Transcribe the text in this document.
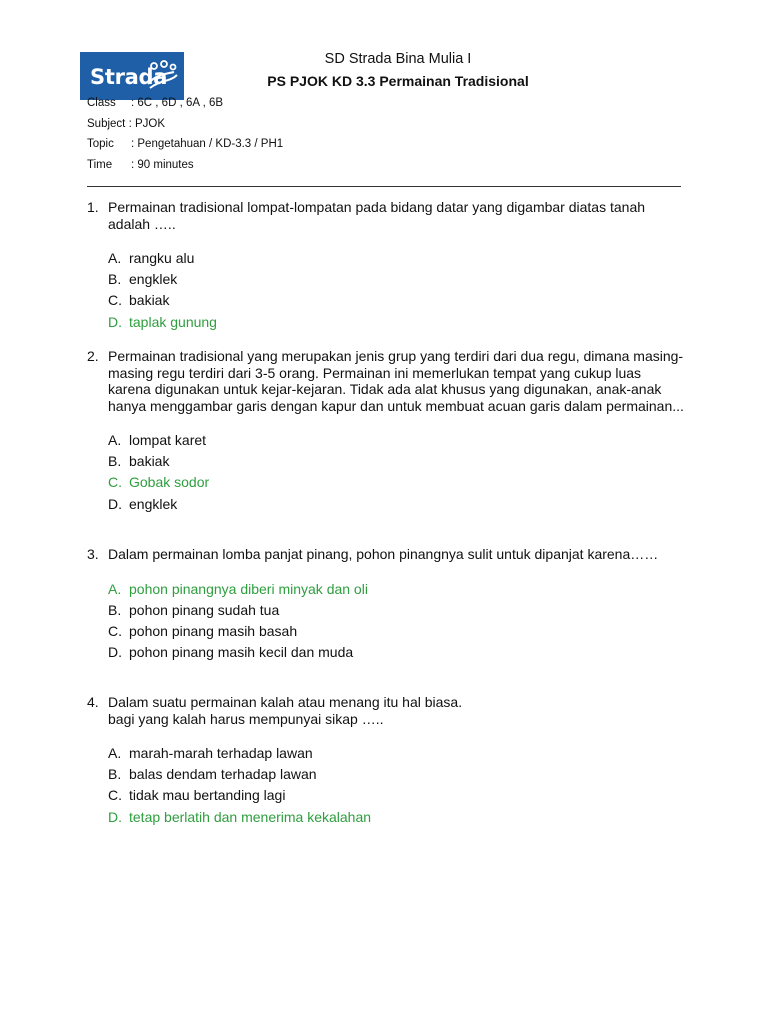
Strada
SD Strada Bina Mulia I
PS PJOK KD 3.3 Permainan Tradisional
Class : 6C , 6D , 6A , 6B
Subject : PJOK
Topic : Pengetahuan / KD-3.3 / PH1
Time : 90 minutes
1. Permainan tradisional lompat-lompatan pada bidang datar yang digambar diatas tanah adalah …..
A. rangku alu
B. engklek
C. bakiak
D. taplak gunung
2. Permainan tradisional yang merupakan jenis grup yang terdiri dari dua regu, dimana masing-masing regu terdiri dari 3-5 orang. Permainan ini memerlukan tempat yang cukup luas karena digunakan untuk kejar-kejaran. Tidak ada alat khusus yang digunakan, anak-anak hanya menggambar garis dengan kapur dan untuk membuat acuan garis dalam permainan...
A. lompat karet
B. bakiak
C. Gobak sodor
D. engklek
3. Dalam permainan lomba panjat pinang, pohon pinangnya sulit untuk dipanjat karena……
A. pohon pinangnya diberi minyak dan oli
B. pohon pinang sudah tua
C. pohon pinang masih basah
D. pohon pinang masih kecil dan muda
4. Dalam suatu permainan kalah atau menang itu hal biasa.
bagi yang kalah harus mempunyai sikap …..
A. marah-marah terhadap lawan
B. balas dendam terhadap lawan
C. tidak mau bertanding lagi
D. tetap berlatih dan menerima kekalahan
